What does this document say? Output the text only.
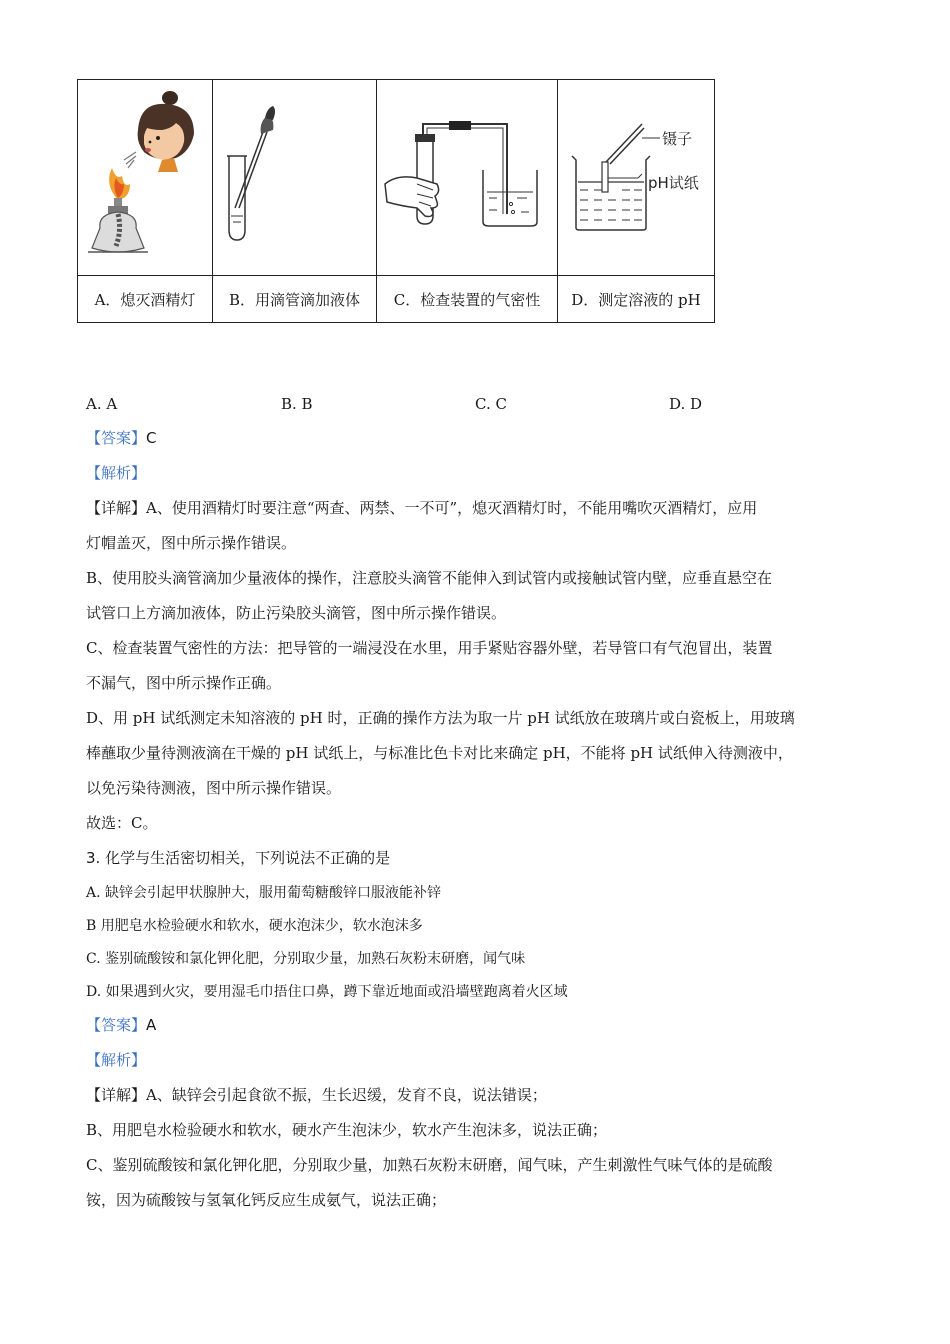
镊子
pH试纸

A．熄灭酒精灯	B．用滴管滴加液体	C．检查装置的气密性	D．测定溶液的 pH
A. A	B. B	C. C	D. D
【答案】C
【解析】
【详解】A、使用酒精灯时要注意“两查、两禁、一不可”，熄灭酒精灯时，不能用嘴吹灭酒精灯，应用
灯帽盖灭，图中所示操作错误。
B、使用胶头滴管滴加少量液体的操作，注意胶头滴管不能伸入到试管内或接触试管内壁，应垂直悬空在
试管口上方滴加液体，防止污染胶头滴管，图中所示操作错误。
C、检查装置气密性的方法：把导管的一端浸没在水里，用手紧贴容器外壁，若导管口有气泡冒出，装置
不漏气，图中所示操作正确。
D、用 pH 试纸测定未知溶液的 pH 时，正确的操作方法为取一片 pH 试纸放在玻璃片或白瓷板上，用玻璃
棒蘸取少量待测液滴在干燥的 pH 试纸上，与标准比色卡对比来确定 pH，不能将 pH 试纸伸入待测液中，
以免污染待测液，图中所示操作错误。
故选：C。
3. 化学与生活密切相关，下列说法不正确的是
A. 缺锌会引起甲状腺肿大，服用葡萄糖酸锌口服液能补锌
B 用肥皂水检验硬水和软水，硬水泡沫少，软水泡沫多
C. 鉴别硫酸铵和氯化钾化肥，分别取少量，加熟石灰粉末研磨，闻气味
D. 如果遇到火灾，要用湿毛巾捂住口鼻，蹲下靠近地面或沿墙壁跑离着火区域
【答案】A
【解析】
【详解】A、缺锌会引起食欲不振，生长迟缓，发育不良，说法错误；
B、用肥皂水检验硬水和软水，硬水产生泡沫少，软水产生泡沫多，说法正确；
C、鉴别硫酸铵和氯化钾化肥，分别取少量，加熟石灰粉末研磨，闻气味，产生刺激性气味气体的是硫酸
铵，因为硫酸铵与氢氧化钙反应生成氨气，说法正确；
